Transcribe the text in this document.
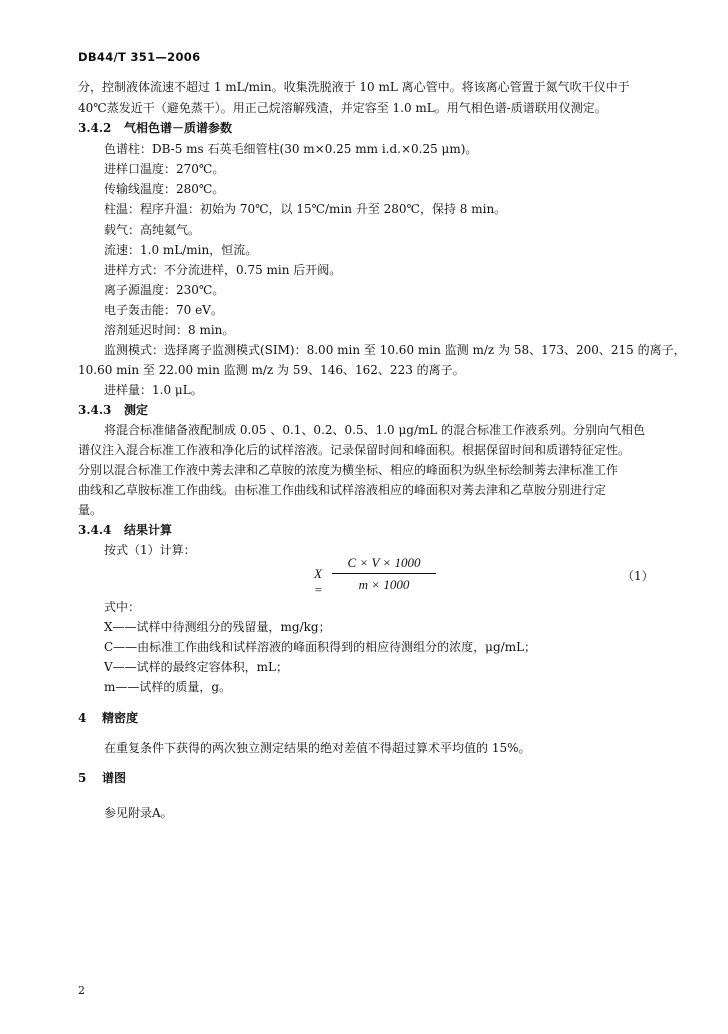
DB44/T 351—2006
分，控制液体流速不超过 1 mL/min。收集洗脱液于 10 mL 离心管中。将该离心管置于氮气吹干仪中于
40℃蒸发近干（避免蒸干）。用正己烷溶解残渣，并定容至 1.0 mL。用气相色谱-质谱联用仪测定。
3.4.2 气相色谱－质谱参数
色谱柱：DB-5 ms 石英毛细管柱(30 m×0.25 mm i.d.×0.25 μm)。
进样口温度：270℃。
传输线温度：280℃。
柱温：程序升温：初始为 70℃，以 15℃/min 升至 280℃，保持 8 min。
载气：高纯氦气。
流速：1.0 mL/min，恒流。
进样方式：不分流进样，0.75 min 后开阀。
离子源温度：230℃。
电子轰击能：70 eV。
溶剂延迟时间：8 min。
监测模式：选择离子监测模式(SIM)：8.00 min 至 10.60 min 监测 m/z 为 58、173、200、215 的离子，
10.60 min 至 22.00 min 监测 m/z 为 59、146、162、223 的离子。
进样量：1.0 μL。
3.4.3 测定
将混合标准储备液配制成 0.05 、0.1、0.2、0.5、1.0 μg/mL 的混合标准工作液系列。分别向气相色
谱仪注入混合标准工作液和净化后的试样溶液。记录保留时间和峰面积。根据保留时间和质谱特征定性。
分别以混合标准工作液中莠去津和乙草胺的浓度为横坐标、相应的峰面积为纵坐标绘制莠去津标准工作
曲线和乙草胺标准工作曲线。由标准工作曲线和试样溶液相应的峰面积对莠去津和乙草胺分别进行定
量。
3.4.4 结果计算
按式（1）计算：
X =
C × V × 1000
m × 1000
（1）
式中：
X——试样中待测组分的残留量，mg/kg；
C——由标准工作曲线和试样溶液的峰面积得到的相应待测组分的浓度，μg/mL；
V——试样的最终定容体积，mL；
m——试样的质量，g。
4 精密度
在重复条件下获得的两次独立测定结果的绝对差值不得超过算术平均值的 15%。
5 谱图
参见附录A。
2
